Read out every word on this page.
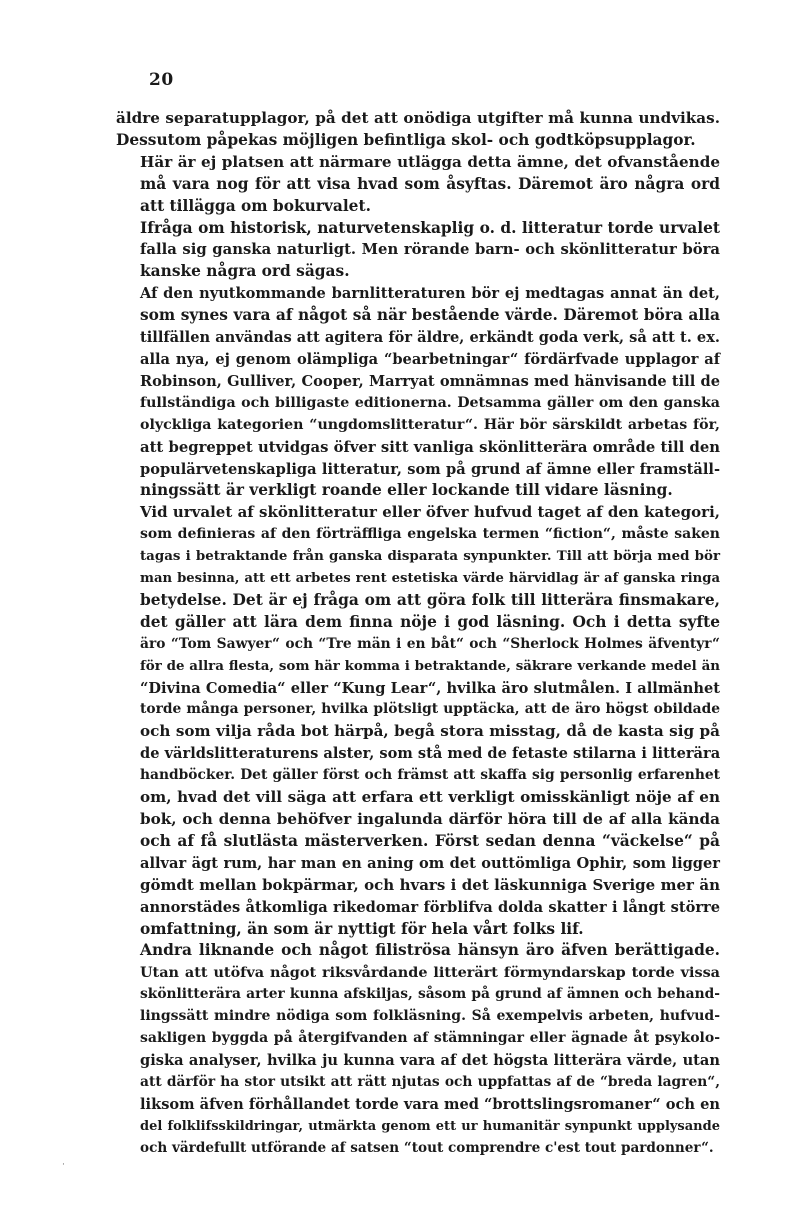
20

äldre separatupplagor, på det att onödiga utgifter må kunna undvikas.
Dessutom påpekas möjligen befintliga skol- och godtköpsupplagor.

Här är ej platsen att närmare utlägga detta ämne, det ofvanstående
må vara nog för att visa hvad som åsyftas. Däremot äro några ord
att tillägga om bokurvalet.

Ifråga om historisk, naturvetenskaplig o. d. litteratur torde urvalet
falla sig ganska naturligt. Men rörande barn- och skönlitteratur böra
kanske några ord sägas.

Af den nyutkommande barnlitteraturen bör ej medtagas annat än det,
som synes vara af något så när bestående värde. Däremot böra alla
tillfällen användas att agitera för äldre, erkändt goda verk, så att t. ex.
alla nya, ej genom olämpliga “bearbetningar“ fördärfvade upplagor af
Robinson, Gulliver, Cooper, Marryat omnämnas med hänvisande till de
fullständiga och billigaste editionerna. Detsamma gäller om den ganska
olyckliga kategorien “ungdomslitteratur“. Här bör särskildt arbetas för,
att begreppet utvidgas öfver sitt vanliga skönlitterära område till den
populärvetenskapliga litteratur, som på grund af ämne eller framställ-
ningssätt är verkligt roande eller lockande till vidare läsning.

Vid urvalet af skönlitteratur eller öfver hufvud taget af den kategori,
som definieras af den förträffliga engelska termen “fiction“, måste saken
tagas i betraktande från ganska disparata synpunkter. Till att börja med bör
man besinna, att ett arbetes rent estetiska värde härvidlag är af ganska ringa
betydelse. Det är ej fråga om att göra folk till litterära finsmakare,
det gäller att lära dem finna nöje i god läsning. Och i detta syfte
äro “Tom Sawyer“ och “Tre män i en båt“ och “Sherlock Holmes äfventyr“
för de allra flesta, som här komma i betraktande, säkrare verkande medel än
“Divina Comedia“ eller “Kung Lear“, hvilka äro slutmålen. I allmänhet
torde många personer, hvilka plötsligt upptäcka, att de äro högst obildade
och som vilja råda bot härpå, begå stora misstag, då de kasta sig på
de världslitteraturens alster, som stå med de fetaste stilarna i litterära
handböcker. Det gäller först och främst att skaffa sig personlig erfarenhet
om, hvad det vill säga att erfara ett verkligt omisskänligt nöje af en
bok, och denna behöfver ingalunda därför höra till de af alla kända
och af få slutlästa mästerverken. Först sedan denna “väckelse“ på
allvar ägt rum, har man en aning om det outtömliga Ophir, som ligger
gömdt mellan bokpärmar, och hvars i det läskunniga Sverige mer än
annorstädes åtkomliga rikedomar förblifva dolda skatter i långt större
omfattning, än som är nyttigt för hela vårt folks lif.

Andra liknande och något filiströsa hänsyn äro äfven berättigade.
Utan att utöfva något riksvårdande litterärt förmyndarskap torde vissa
skönlitterära arter kunna afskiljas, såsom på grund af ämnen och behand-
lingssätt mindre nödiga som folkläsning. Så exempelvis arbeten, hufvud-
sakligen byggda på återgifvanden af stämningar eller ägnade åt psykolo-
giska analyser, hvilka ju kunna vara af det högsta litterära värde, utan
att därför ha stor utsikt att rätt njutas och uppfattas af de “breda lagren“,
liksom äfven förhållandet torde vara med “brottslingsromaner“ och en
del folklifsskildringar, utmärkta genom ett ur humanitär synpunkt upplysande
och värdefullt utförande af satsen “tout comprendre c'est tout pardonner“.

·
